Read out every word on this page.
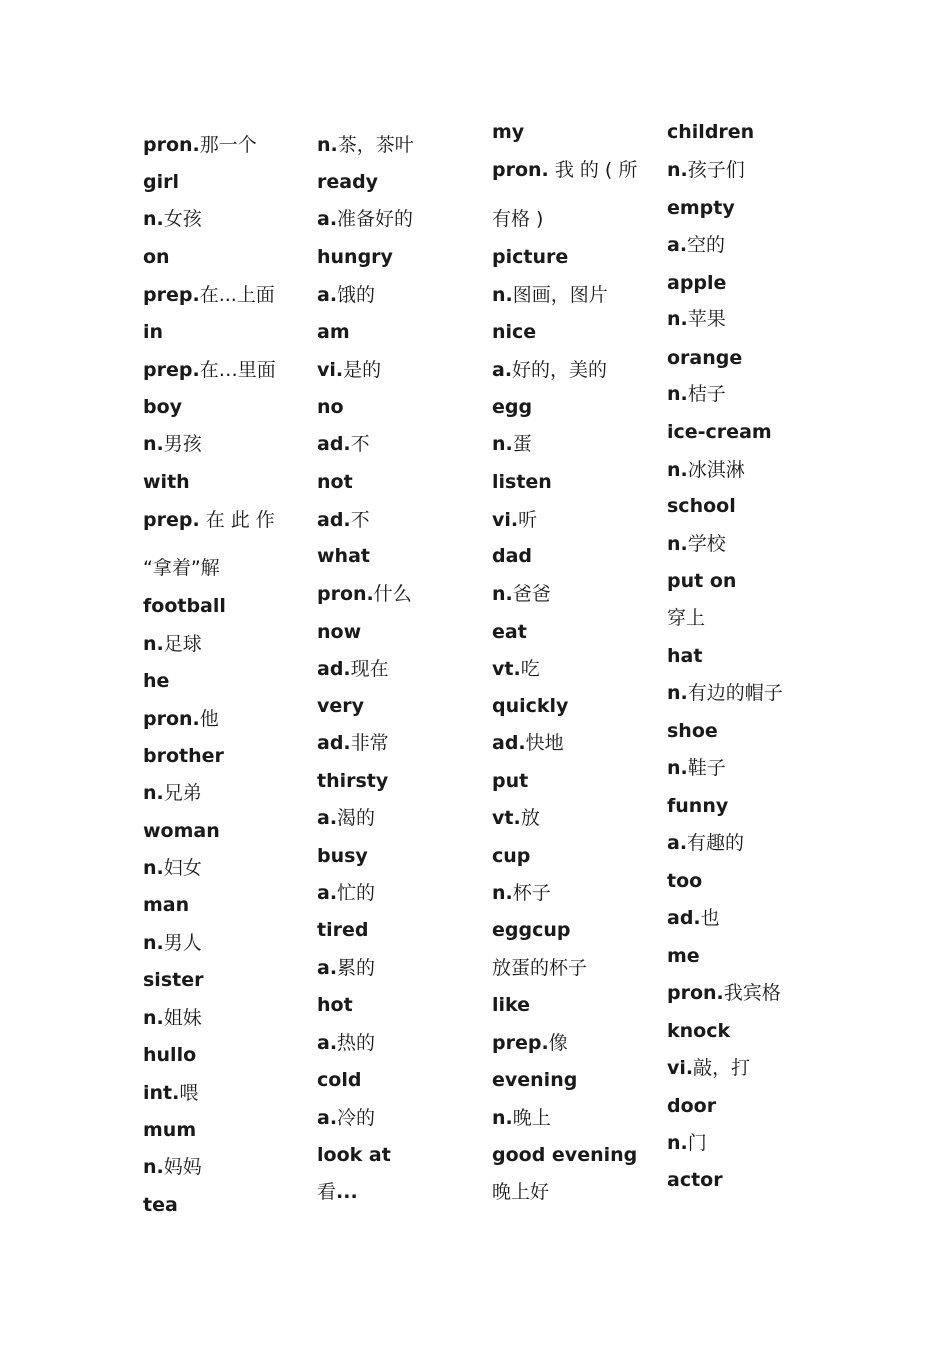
pron.那一个
girl
n.女孩
on
prep.在...上面
in
prep.在…里面
boy
n.男孩
with
prep. 在 此 作
“拿着”解
football
n.足球
he
pron.他
brother
n.兄弟
woman
n.妇女
man
n.男人
sister
n.姐妹
hullo
int.喂
mum
n.妈妈
tea
n.茶，茶叶
ready
a.准备好的
hungry
a.饿的
am
vi.是的
no
ad.不
not
ad.不
what
pron.什么
now
ad.现在
very
ad.非常
thirsty
a.渴的
busy
a.忙的
tired
a.累的
hot
a.热的
cold
a.冷的
look at
看...
my
pron. 我 的 ( 所
有格 )
picture
n.图画，图片
nice
a.好的，美的
egg
n.蛋
listen
vi.听
dad
n.爸爸
eat
vt.吃
quickly
ad.快地
put
vt.放
cup
n.杯子
eggcup
放蛋的杯子
like
prep.像
evening
n.晚上
good evening
晚上好
children
n.孩子们
empty
a.空的
apple
n.苹果
orange
n.桔子
ice-cream
n.冰淇淋
school
n.学校
put on
穿上
hat
n.有边的帽子
shoe
n.鞋子
funny
a.有趣的
too
ad.也
me
pron.我宾格
knock
vi.敲，打
door
n.门
actor
